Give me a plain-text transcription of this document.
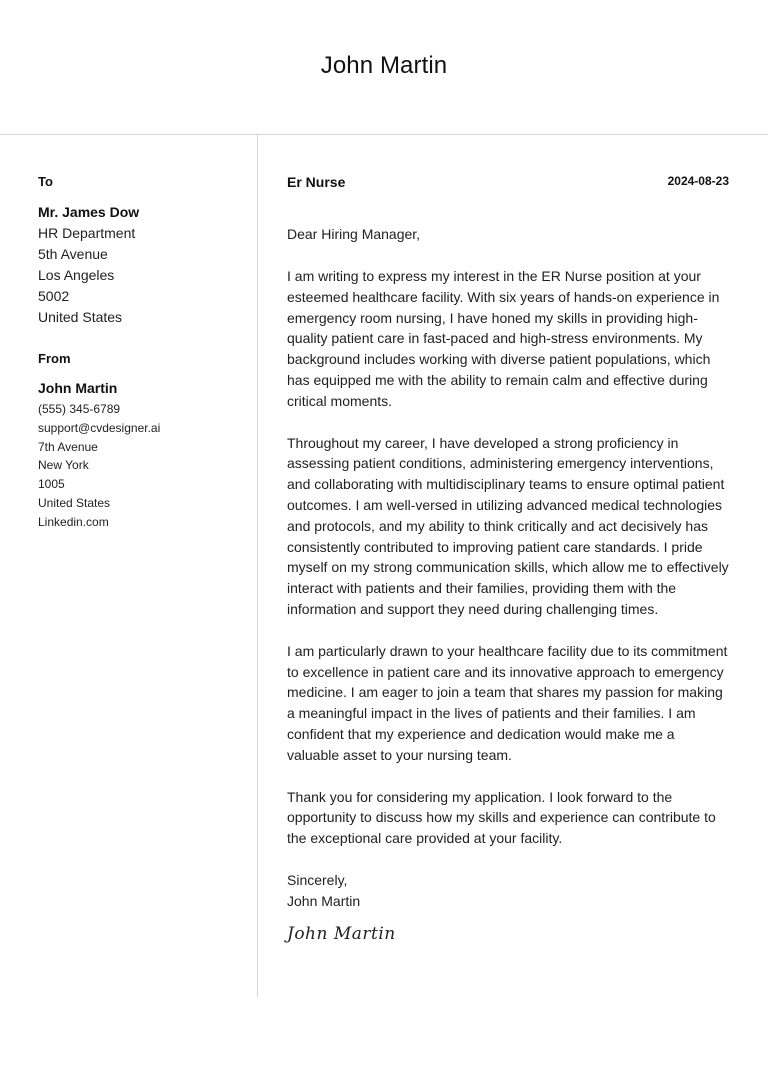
John Martin
To
Mr. James Dow
HR Department
5th Avenue
Los Angeles
5002
United States
From
John Martin
(555) 345-6789
support@cvdesigner.ai
7th Avenue
New York
1005
United States
Linkedin.com
Er Nurse	2024-08-23
Dear Hiring Manager,
I am writing to express my interest in the ER Nurse position at your esteemed healthcare facility. With six years of hands-on experience in emergency room nursing, I have honed my skills in providing high-quality patient care in fast-paced and high-stress environments. My background includes working with diverse patient populations, which has equipped me with the ability to remain calm and effective during critical moments.
Throughout my career, I have developed a strong proficiency in assessing patient conditions, administering emergency interventions, and collaborating with multidisciplinary teams to ensure optimal patient outcomes. I am well-versed in utilizing advanced medical technologies and protocols, and my ability to think critically and act decisively has consistently contributed to improving patient care standards. I pride myself on my strong communication skills, which allow me to effectively interact with patients and their families, providing them with the information and support they need during challenging times.
I am particularly drawn to your healthcare facility due to its commitment to excellence in patient care and its innovative approach to emergency medicine. I am eager to join a team that shares my passion for making a meaningful impact in the lives of patients and their families. I am confident that my experience and dedication would make me a valuable asset to your nursing team.
Thank you for considering my application. I look forward to the opportunity to discuss how my skills and experience can contribute to the exceptional care provided at your facility.
Sincerely,
John Martin
John Martin
